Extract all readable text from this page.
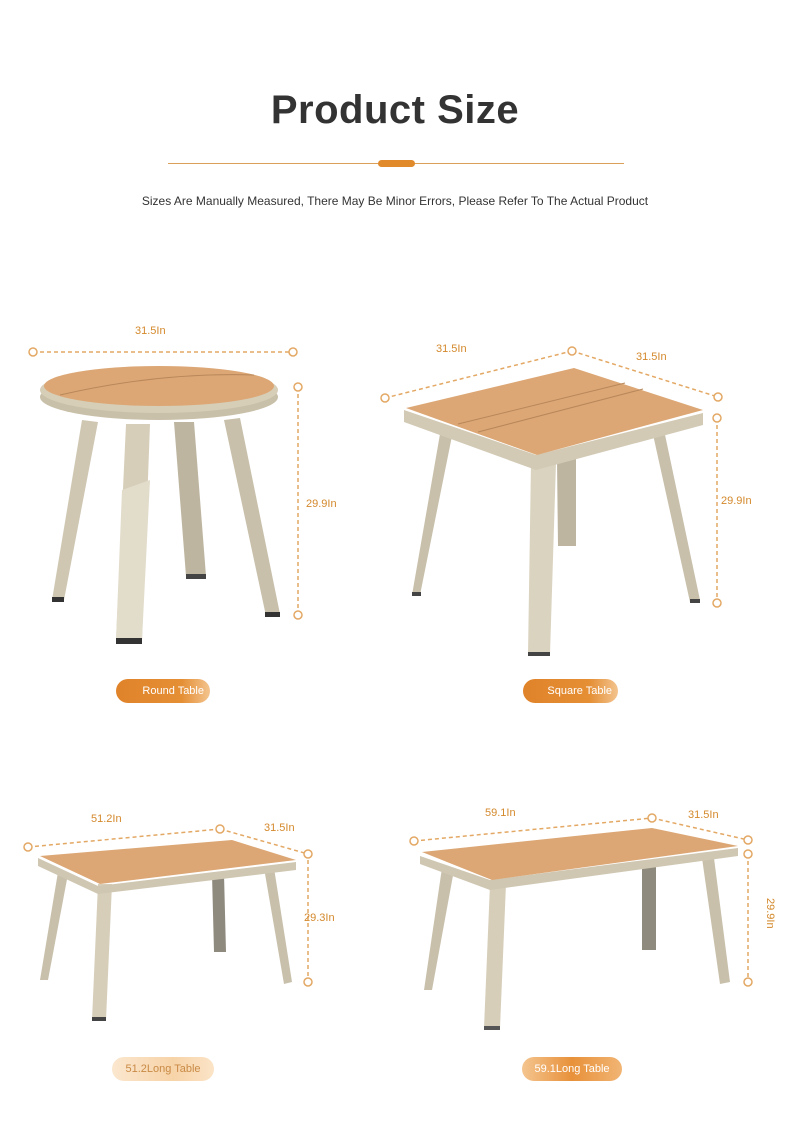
Product Size
Sizes Are Manually Measured, There May Be Minor Errors, Please Refer To The Actual Product
31.5In
29.9In
Round Table
31.5In
31.5In
29.9In
Square Table
51.2In
31.5In
29.3In
51.2Long Table
59.1In	31.5In
29.9In
59.1Long Table
